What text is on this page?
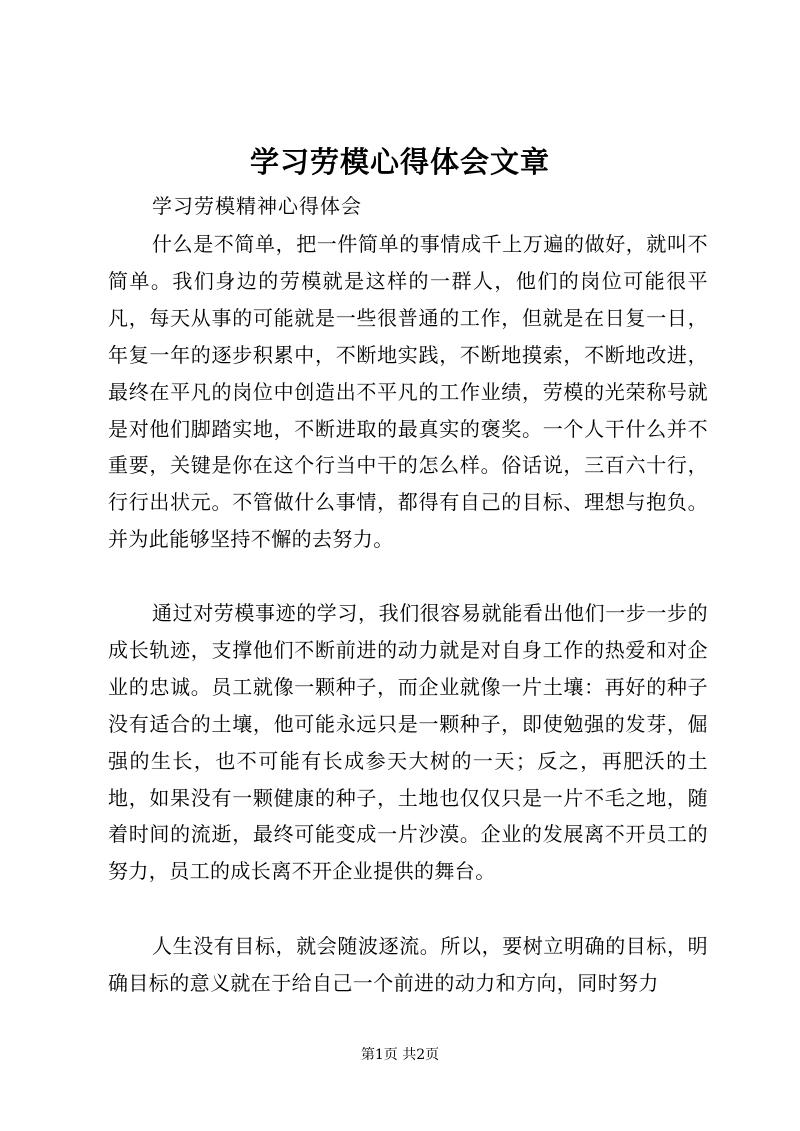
学习劳模心得体会文章
学习劳模精神心得体会

什么是不简单，把一件简单的事情成千上万遍的做好，就叫不简单。我们身边的劳模就是这样的一群人，他们的岗位可能很平凡，每天从事的可能就是一些很普通的工作，但就是在日复一日，年复一年的逐步积累中，不断地实践，不断地摸索，不断地改进，最终在平凡的岗位中创造出不平凡的工作业绩，劳模的光荣称号就是对他们脚踏实地，不断进取的最真实的褒奖。一个人干什么并不重要，关键是你在这个行当中干的怎么样。俗话说，三百六十行，行行出状元。不管做什么事情，都得有自己的目标、理想与抱负。并为此能够坚持不懈的去努力。

通过对劳模事迹的学习，我们很容易就能看出他们一步一步的成长轨迹，支撑他们不断前进的动力就是对自身工作的热爱和对企业的忠诚。员工就像一颗种子，而企业就像一片土壤：再好的种子没有适合的土壤，他可能永远只是一颗种子，即使勉强的发芽，倔强的生长，也不可能有长成参天大树的一天；反之，再肥沃的土地，如果没有一颗健康的种子，土地也仅仅只是一片不毛之地，随着时间的流逝，最终可能变成一片沙漠。企业的发展离不开员工的努力，员工的成长离不开企业提供的舞台。

人生没有目标，就会随波逐流。所以，要树立明确的目标，明确目标的意义就在于给自己一个前进的动力和方向，同时努力

第1页 共2页
